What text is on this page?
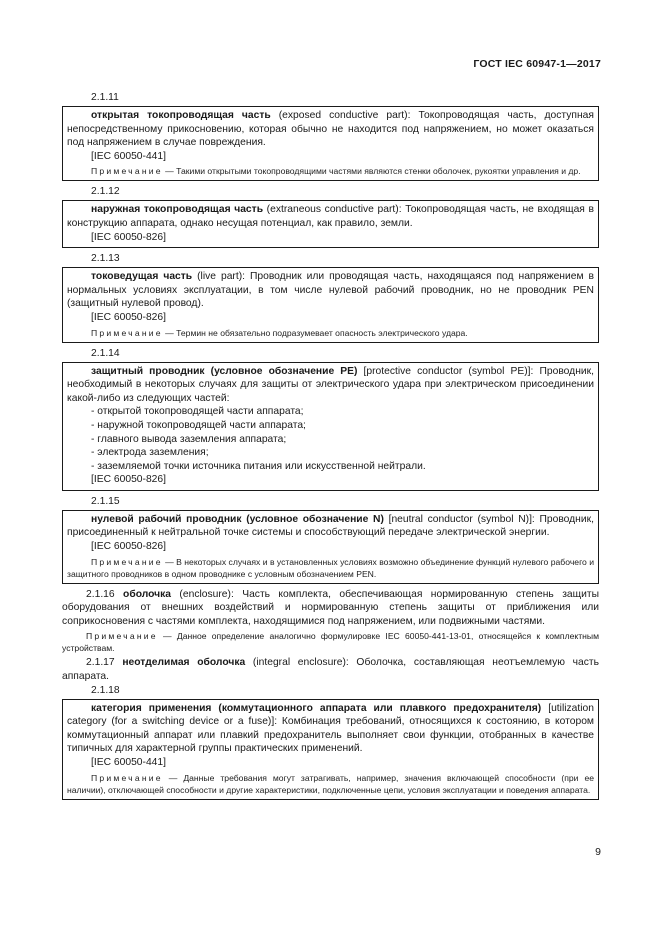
ГОСТ IEC 60947-1—2017
2.1.11

открытая токопроводящая часть (exposed conductive part): Токопроводящая часть, доступная непосредственному прикосновению, которая обычно не находится под напряжением, но может оказаться под напряжением в случае повреждения.

[IEC 60050-441]

Примечание — Такими открытыми токопроводящими частями являются стенки оболочек, рукоятки управления и др.

2.1.12

наружная токопроводящая часть (extraneous conductive part): Токопроводящая часть, не входящая в конструкцию аппарата, однако несущая потенциал, как правило, земли.

[IEC 60050-826]

2.1.13

токоведущая часть (live part): Проводник или проводящая часть, находящаяся под напряжением в нормальных условиях эксплуатации, в том числе нулевой рабочий проводник, но не проводник PEN (защитный нулевой провод).

[IEC 60050-826]

Примечание — Термин не обязательно подразумевает опасность электрического удара.

2.1.14

защитный проводник (условное обозначение PE) [protective conductor (symbol PE)]: Проводник, необходимый в некоторых случаях для защиты от электрического удара при электрическом присоединении какой-либо из следующих частей:

- открытой токопроводящей части аппарата;

- наружной токопроводящей части аппарата;

- главного вывода заземления аппарата;

- электрода заземления;

- заземляемой точки источника питания или искусственной нейтрали.

[IEC 60050-826]

2.1.15

нулевой рабочий проводник (условное обозначение N) [neutral conductor (symbol N)]: Проводник, присоединенный к нейтральной точке системы и способствующий передаче электрической энергии.

[IEC 60050-826]

Примечание — В некоторых случаях и в установленных условиях возможно объединение функций нулевого рабочего и защитного проводников в одном проводнике с условным обозначением PEN.

2.1.16 оболочка (enclosure): Часть комплекта, обеспечивающая нормированную степень защиты оборудования от внешних воздействий и нормированную степень защиты от приближения или соприкосновения с частями комплекта, находящимися под напряжением, или подвижными частями.

Примечание — Данное определение аналогично формулировке IEC 60050-441-13-01, относящейся к комплектным устройствам.

2.1.17 неотделимая оболочка (integral enclosure): Оболочка, составляющая неотъемлемую часть аппарата.

2.1.18

категория применения (коммутационного аппарата или плавкого предохранителя) [utilization category (for a switching device or a fuse)]: Комбинация требований, относящихся к состоянию, в котором коммутационный аппарат или плавкий предохранитель выполняет свои функции, отобранных в качестве типичных для характерной группы практических применений.

[IEC 60050-441]

Примечание — Данные требования могут затрагивать, например, значения включающей способности (при ее наличии), отключающей способности и другие характеристики, подключенные цепи, условия эксплуатации и поведения аппарата.

9
